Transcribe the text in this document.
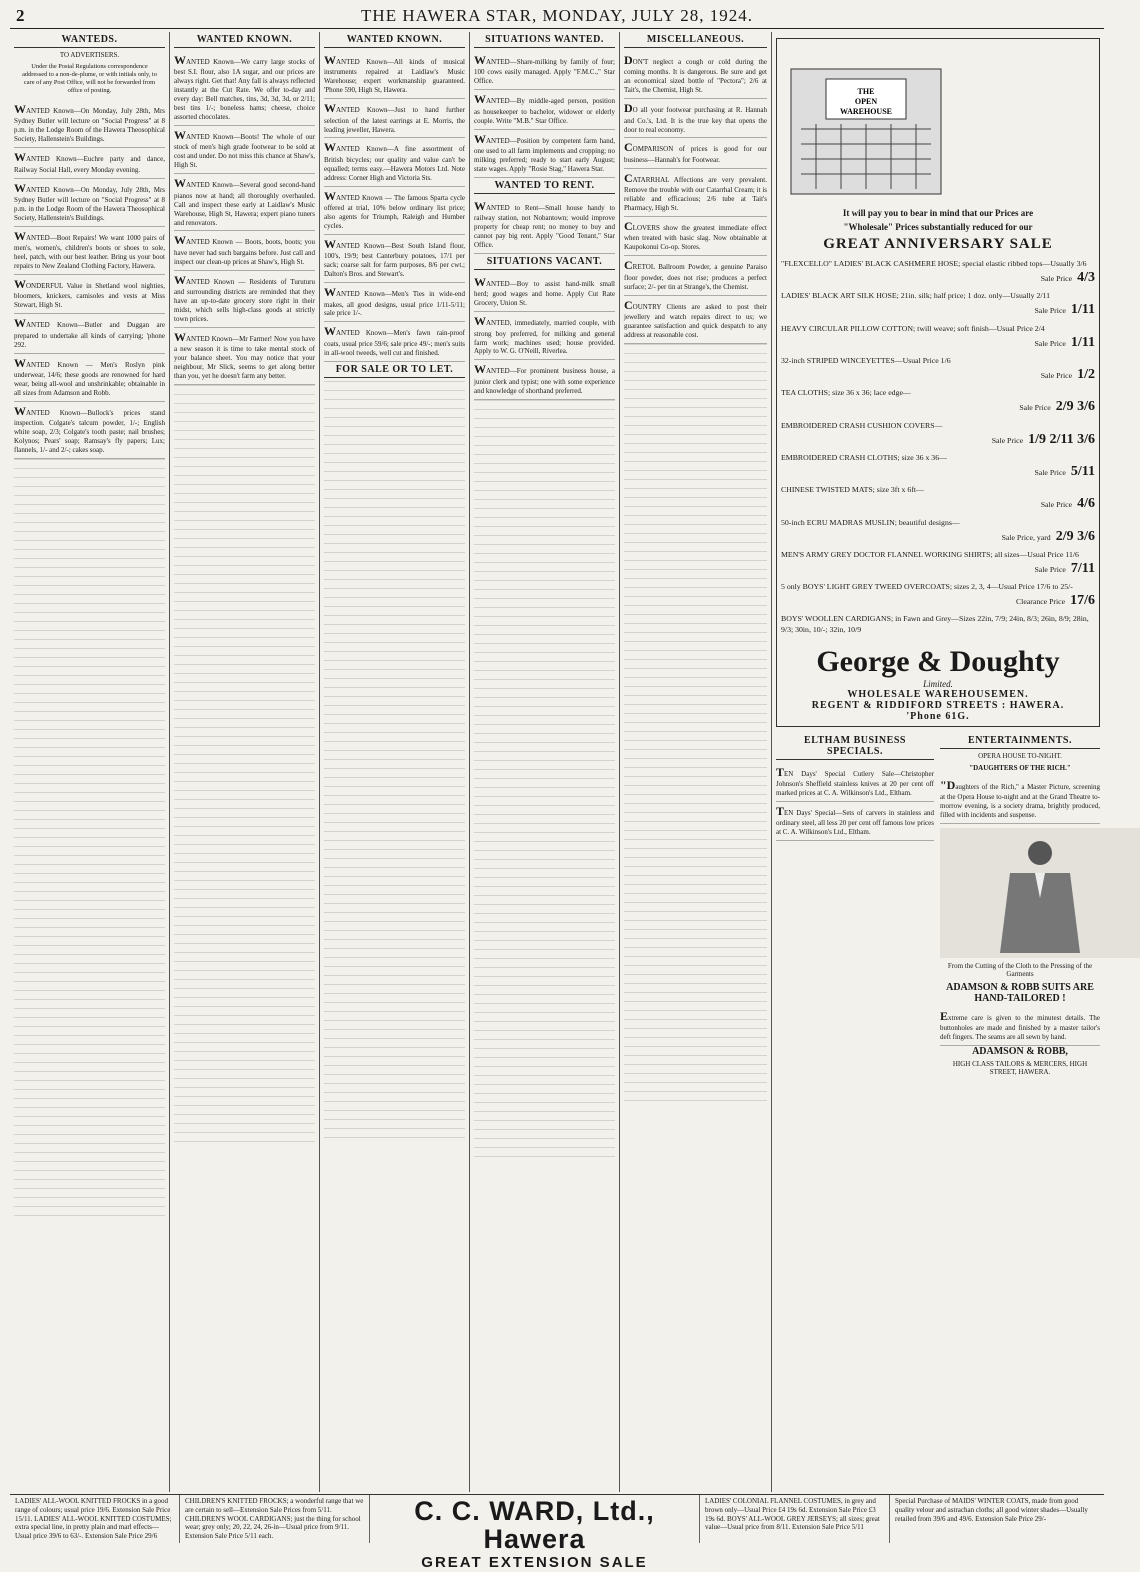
2	THE HAWERA STAR, MONDAY, JULY 28, 1924.
WANTEDS.
TO ADVERTISERS.
Under the Postal Regulations correspondence addressed to a non-de-plume, or with initials only, to care of any Post Office, will not be forwarded from office of posting.

WANTED Known—On Monday, July 28th, Mrs Sydney Butler will lecture on "Social Progress" at 8 p.m. in the Lodge Room of the Hawera Theosophical Society, Hallenstein's Buildings.

WANTED Known—Euchre party and dance, Railway Social Hall, every Monday evening.

WANTED Known—On Monday, July 28th, Mrs Sydney Butler will lecture on "Social Progress" at 8 p.m. in the Lodge Room of the Hawera Theosophical Society, Hallenstein's Buildings.

WANTED—Boot Repairs! We want 1000 pairs of men's, women's, children's boots or shoes to sole, heel, patch, with our best leather. Bring us your boot repairs to New Zealand Clothing Factory, Hawera.

WONDERFUL Value in Shetland wool nighties, bloomers, knickers, camisoles and vests at Miss Stewart, High St.

WANTED Known—Butler and Duggan are prepared to undertake all kinds of carrying; 'phone 292.

WANTED Known — Men's Roslyn pink underwear, 14/6; these goods are renowned for hard wear, being all-wool and unshrinkable; obtainable in all sizes from Adamson and Robb.

WANTED Known—Bullock's prices stand inspection. Colgate's talcum powder, 1/-; English white soap, 2/3; Colgate's tooth paste; nail brushes; Kolynos; Pears' soap; Ramsay's fly papers; Lux; flannels, 1/- and 2/-; cakes soap.

WANTED KNOWN.

WANTED Known—We carry large stocks of best S.I. flour, also 1A sugar, and our prices are always right. Get that! Any fall is always reflected instantly at the Cut Rate. We offer to-day and every day: Bell matches, tins, 3d, 3d, 3d, or 2/11; best tins 1/-; boneless hams; cheese, choice assorted chocolates.

WANTED Known—Boots! The whole of our stock of men's high grade footwear to be sold at cost and under. Do not miss this chance at Shaw's, High St.

WANTED Known—Several good second-hand pianos now at hand; all thoroughly overhauled. Call and inspect these early at Laidlaw's Music Warehouse, High St, Hawera; expert piano tuners and renovators.

WANTED Known — Boots, boots, boots; you have never had such bargains before. Just call and inspect our clean-up prices at Shaw's, High St.

WANTED Known — Residents of Turuturu and surrounding districts are reminded that they have an up-to-date grocery store right in their midst, which sells high-class goods at strictly town prices.

WANTED Known—Mr Farmer! Now you have a new season it is time to take mental stock of your balance sheet. You may notice that your neighbour, Mr Slick, seems to get along better than you, yet he doesn't farm any better.

WANTED KNOWN.

WANTED Known—All kinds of musical instruments repaired at Laidlaw's Music Warehouse; expert workmanship guaranteed. 'Phone 590, High St, Hawera.

WANTED Known—Just to hand further selection of the latest earrings at E. Morris, the leading jeweller, Hawera.

WANTED Known—A fine assortment of British bicycles; our quality and value can't be equalled; terms easy.—Hawera Motors Ltd. Note address: Corner High and Victoria Sts.

WANTED Known — The famous Sparta cycle offered at trial, 10% below ordinary list price; also agents for Triumph, Raleigh and Humber cycles.

WANTED Known—Best South Island flour, 100's, 19/9; best Canterbury potatoes, 17/1 per sack; coarse salt for farm purposes, 8/6 per cwt.; Dalton's Bros. and Stewart's.

WANTED Known—Men's Ties in wide-end makes, all good designs, usual price 1/11-5/11; sale price 1/-.

WANTED Known—Men's fawn rain-proof coats, usual price 59/6; sale price 49/-; men's suits in all-wool tweeds, well cut and finished.

FOR SALE OR TO LET.
SITUATIONS WANTED.

WANTED—Share-milking by family of four; 100 cows easily managed. Apply "F.M.C.," Star Office.

WANTED—By middle-aged person, position as housekeeper to bachelor, widower or elderly couple. Write "M.B." Star Office.

WANTED—Position by competent farm hand, one used to all farm implements and cropping; no milking preferred; ready to start early August; state wages. Apply "Rosie Stag," Hawera Star.

WANTED TO RENT.

WANTED to Rent—Small house handy to railway station, not Nobantown; would improve property for cheap rent; no money to buy and cannot pay big rent. Apply "Good Tenant," Star Office.

SITUATIONS VACANT.

WANTED—Boy to assist hand-milk small herd; good wages and home. Apply Cut Rate Grocery, Union St.

WANTED, immediately, married couple, with strong boy preferred, for milking and general farm work; machines used; house provided. Apply to W. G. O'Neill, Riverlea.

WANTED—For prominent business house, a junior clerk and typist; one with some experience and knowledge of shorthand preferred.

MISCELLANEOUS.

DON'T neglect a cough or cold during the coming months. It is dangerous. Be sure and get an economical sized bottle of "Pectora"; 2/6 at Tait's, the Chemist, High St.

DO all your footwear purchasing at R. Hannah and Co.'s, Ltd. It is the true key that opens the door to real economy.

COMPARISON of prices is good for our business—Hannah's for Footwear.

CATARRHAL Affections are very prevalent. Remove the trouble with our Catarrhal Cream; it is reliable and efficacious; 2/6 tube at Tait's Pharmacy, High St.

CLOVERS show the greatest immediate effect when treated with basic slag. Now obtainable at Kaupokonui Co-op. Stores.

CRETOL Ballroom Powder, a genuine Paraiso floor powder, does not rise; produces a perfect surface; 2/- per tin at Strange's, the Chemist.

COUNTRY Clients are asked to post their jewellery and watch repairs direct to us; we guarantee satisfaction and quick despatch to any address at reasonable cost.

THE
OPEN
WAREHOUSE
It will pay you to bear in mind that our Prices are
"Wholesale" Prices substantially reduced for our
GREAT ANNIVERSARY SALE
"FLEXCELLO" LADIES' BLACK CASHMERE HOSE; special elastic ribbed tops—Usually 3/6
Sale Price 4/3
LADIES' BLACK ART SILK HOSE; 21in. silk; half price; 1 doz. only—Usually 2/11
Sale Price 1/11
HEAVY CIRCULAR PILLOW COTTON; twill weave; soft finish—Usual Price 2/4
Sale Price 1/11
32-inch STRIPED WINCEYETTES—Usual Price 1/6
Sale Price 1/2
TEA CLOTHS; size 36 x 36; lace edge—
Sale Price 2/9 3/6
EMBROIDERED CRASH CUSHION COVERS—
Sale Price 1/9 2/11 3/6
EMBROIDERED CRASH CLOTHS; size 36 x 36—
Sale Price 5/11
CHINESE TWISTED MATS; size 3ft x 6ft—
Sale Price 4/6
50-inch ECRU MADRAS MUSLIN; beautiful designs—
Sale Price, yard 2/9 3/6
MEN'S ARMY GREY DOCTOR FLANNEL WORKING SHIRTS; all sizes—Usual Price 11/6
Sale Price 7/11
5 only BOYS' LIGHT GREY TWEED OVERCOATS; sizes 2, 3, 4—Usual Price 17/6 to 25/-
Clearance Price 17/6
BOYS' WOOLLEN CARDIGANS; in Fawn and Grey—Sizes 22in, 7/9; 24in, 8/3; 26in, 8/9; 28in, 9/3; 30in, 10/-; 32in, 10/9
George & Doughty
Limited.
WHOLESALE WAREHOUSEMEN.
REGENT & RIDDIFORD STREETS : HAWERA.
'Phone 61G.
ELTHAM BUSINESS SPECIALS.

TEN Days' Special Cutlery Sale—Christopher Johnson's Sheffield stainless knives at 20 per cent off marked prices at C. A. Wilkinson's Ltd., Eltham.

TEN Days' Special—Sets of carvers in stainless and ordinary steel, all less 20 per cent off famous low prices at C. A. Wilkinson's Ltd., Eltham.

ENTERTAINMENTS.
OPERA HOUSE TO-NIGHT.
"DAUGHTERS OF THE RICH."

"Daughters of the Rich," a Master Picture, screening at the Opera House to-night and at the Grand Theatre to-morrow evening, is a society drama, brightly produced, filled with incidents and suspense.

From the Cutting of the Cloth to the Pressing of the Garments
ADAMSON & ROBB SUITS ARE HAND-TAILORED !

Extreme care is given to the minutest details. The buttonholes are made and finished by a master tailor's deft fingers. The seams are all sewn by hand.

ADAMSON & ROBB,
HIGH CLASS TAILORS & MERCERS, HIGH STREET, HAWERA.
LADIES' ALL-WOOL KNITTED FROCKS in a good range of colours; usual price 19/6. Extension Sale Price 15/11. LADIES' ALL-WOOL KNITTED COSTUMES; extra special line, in pretty plain and marl effects—Usual price 39/6 to 63/-. Extension Sale Price 29/6
CHILDREN'S KNITTED FROCKS; a wonderful range that we are certain to sell—Extension Sale Prices from 5/11. CHILDREN'S WOOL CARDIGANS; just the thing for school wear; grey only; 20, 22, 24, 26-in—Usual price from 9/11. Extension Sale Price 5/11 each.
C. C. WARD, Ltd., Hawera
GREAT EXTENSION SALE
LADIES' COLONIAL FLANNEL COSTUMES, in grey and brown only—Usual Price £4 19s 6d. Extension Sale Price £3 19s 6d. BOYS' ALL-WOOL GREY JERSEYS; all sizes; great value—Usual price from 8/11. Extension Sale Price 5/11
Special Purchase of MAIDS' WINTER COATS, made from good quality velour and astrachan cloths; all good winter shades—Usually retailed from 39/6 and 49/6. Extension Sale Price 29/-
